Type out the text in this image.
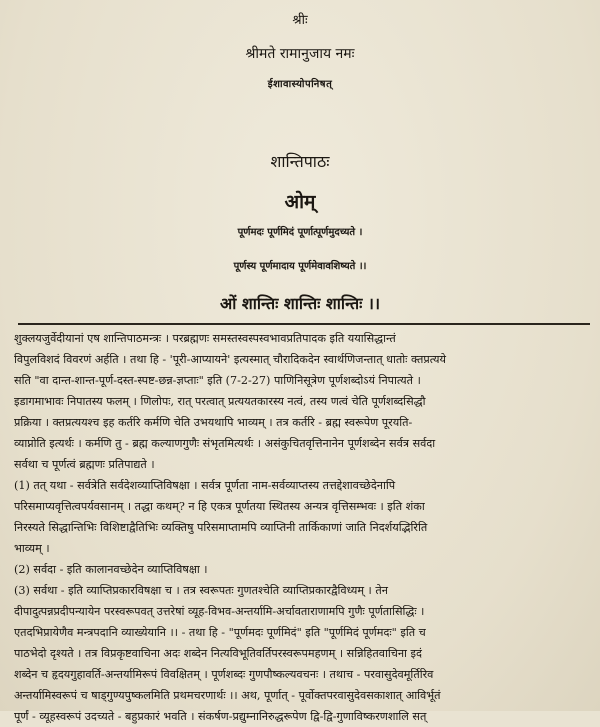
श्रीः
श्रीमते रामानुजाय नमः
ईशावास्योपनिषत्
शान्तिपाठः
ओम्
पूर्णमदः पूर्णमिदं पूर्णात्पूर्णमुदच्यते ।
पूर्णस्य पूर्णमादाय पूर्णमेवावशिष्यते ।।
ओं शान्तिः शान्तिः शान्तिः ।।
शुक्लयजुर्वेदीयानां एष शान्तिपाठमन्त्रः । परब्रह्मणः समस्तस्वस्पस्वभावप्रतिपादक इति ययासिद्धान्तं
विपुलविशदं विवरणं अर्हति । तथा हि - 'पूरी-आप्यायने' इत्यस्मात् चौरादिकदेन स्वार्थणिजन्तात् धातोः क्तप्रत्यये
सति "वा दान्त-शान्त-पूर्ण-दस्त-स्पष्ट-छन्न-ज्ञप्ताः" इति (7-2-27) पाणिनिसूत्रेण पूर्णशब्दोऽयं निपात्यते ।
इडागमाभावः निपातस्य फलम् । णिलोपः, रात् परत्वात् प्रत्ययतकारस्य नत्वं, तस्य णत्वं चेति पूर्णशब्दसिद्धौ
प्रक्रिया । क्तप्रत्ययश्च इह कर्तरि कर्मणि चेति उभयथापि भाव्यम् । तत्र कर्तरि - ब्रह्म स्वरूपेण पूरयति-
व्याप्नोति इत्यर्थः । कर्मणि तु - ब्रह्म कल्याणगुणैः संभृतमित्यर्थः । असंकुचितवृत्तिनानेन पूर्णशब्देन सर्वत्र सर्वदा
सर्वथा च पूर्णत्वं ब्रह्मणः प्रतिपाद्यते ।
(1) तत् यथा - सर्वत्रेति सर्वदेशव्याप्तिविषक्षा । सर्वत्र पूर्णता नाम-सर्वव्याप्तस्य तत्तद्देशावच्छेदेनापि
परिसमाप्यवृत्तित्वपर्यवसानम् । तद्धा कथम्? न हि एकत्र पूर्णतया स्थितस्य अन्यत्र वृत्तिसम्भवः । इति शंका
निरस्यते सिद्धान्तिभिः विशिष्टाद्वैतिभिः व्यक्तिषु परिसमाप्तामपि व्याप्तिनी तार्किकाणां जाति निदर्शयद्भिरिति
भाव्यम् ।
(2) सर्वदा - इति कालानवच्छेदेन व्याप्तिविषक्षा ।
(3) सर्वथा - इति व्याप्तिप्रकारविषक्षा च । तत्र स्वरूपतः गुणतश्चेति व्याप्तिप्रकारद्वैविध्यम् । तेन
दीपादुत्पन्नप्रदीपन्यायेन परस्वरूपवत् उत्तरेषां व्यूह-विभव-अन्तर्यामि-अर्चावताराणामपि गुणैः पूर्णतासिद्धिः ।
एतदभिप्रायेणैव मन्त्रपदानि व्याख्येयानि ।। - तथा हि - "पूर्णमदः पूर्णमिदं" इति "पूर्णमिदं पूर्णमदः" इति च
पाठभेदो दृश्यते । तत्र विप्रकृष्टवाचिना अदः शब्देन नित्यविभूतिवर्तिपरस्वरूपमहणम् । सन्निहितवाचिना इदं
शब्देन च हृदयगुहावर्ति-अन्तर्यामिरूपं विवक्षितम् । पूर्णशब्दः गुणपौष्कल्यवचनः । तथाच - परवासुदेवमूर्तिरिव
अन्तर्यामिस्वरूपं च षाड्गुण्यपुष्कलमिति प्रथमचरणार्थः ।। अथ, पूर्णात् - पूर्वोक्तपरवासुदेवसकाशात् आविर्भूतं
पूर्णं - व्यूहस्वरूपं उदच्यते - बहुप्रकारं भवति । संकर्षण-प्रद्युम्नानिरुद्धरूपेण द्वि-द्वि-गुणाविष्करणशालि सत्
